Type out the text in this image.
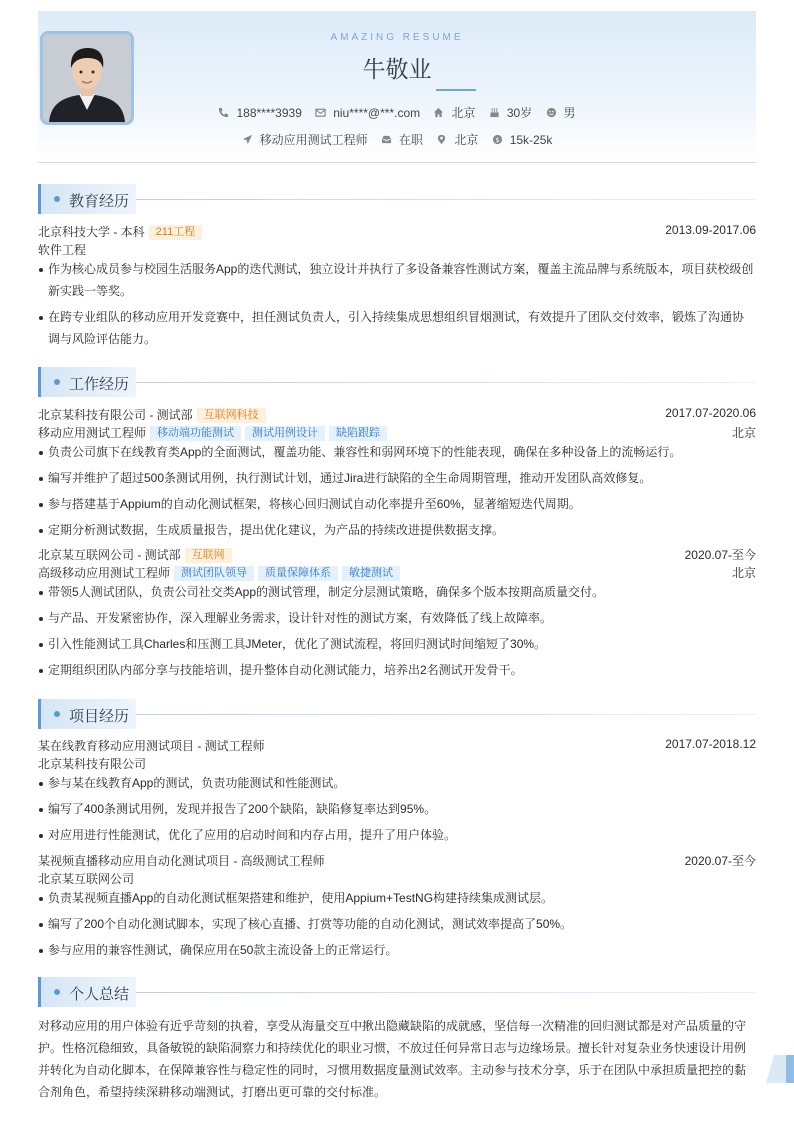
AMAZING RESUME
牛敬业
188****3939
	niu****@***.com
	北京
	30岁
	男
移动应用测试工程师
	在职
	北京
$ 15k-25k
教育经历
北京科技大学 - 本科 211工程	2013.09-2017.06
软件工程
作为核心成员参与校园生活服务App的迭代测试，独立设计并执行了多设备兼容性测试方案，覆盖主流品牌与系统版本，项目获校级创
新实践一等奖。
在跨专业组队的移动应用开发竞赛中，担任测试负责人，引入持续集成思想组织冒烟测试，有效提升了团队交付效率，锻炼了沟通协
调与风险评估能力。
工作经历
北京某科技有限公司 - 测试部 互联网科技	2017.07-2020.06
移动应用测试工程师 移动端功能测试 测试用例设计 缺陷跟踪	北京
负责公司旗下在线教育类App的全面测试，覆盖功能、兼容性和弱网环境下的性能表现，确保在多种设备上的流畅运行。
编写并维护了超过500条测试用例，执行测试计划，通过Jira进行缺陷的全生命周期管理，推动开发团队高效修复。
参与搭建基于Appium的自动化测试框架，将核心回归测试自动化率提升至60%，显著缩短迭代周期。
定期分析测试数据，生成质量报告，提出优化建议，为产品的持续改进提供数据支撑。
北京某互联网公司 - 测试部 互联网	2020.07-至今
高级移动应用测试工程师 测试团队领导 质量保障体系 敏捷测试	北京
带领5人测试团队，负责公司社交类App的测试管理，制定分层测试策略，确保多个版本按期高质量交付。
与产品、开发紧密协作，深入理解业务需求，设计针对性的测试方案，有效降低了线上故障率。
引入性能测试工具Charles和压测工具JMeter，优化了测试流程，将回归测试时间缩短了30%。
定期组织团队内部分享与技能培训，提升整体自动化测试能力，培养出2名测试开发骨干。
项目经历
某在线教育移动应用测试项目 - 测试工程师	2017.07-2018.12
北京某科技有限公司
参与某在线教育App的测试，负责功能测试和性能测试。
编写了400条测试用例，发现并报告了200个缺陷，缺陷修复率达到95%。
对应用进行性能测试，优化了应用的启动时间和内存占用，提升了用户体验。
某视频直播移动应用自动化测试项目 - 高级测试工程师	2020.07-至今
北京某互联网公司
负责某视频直播App的自动化测试框架搭建和维护，使用Appium+TestNG构建持续集成测试层。
编写了200个自动化测试脚本，实现了核心直播、打赏等功能的自动化测试，测试效率提高了50%。
参与应用的兼容性测试，确保应用在50款主流设备上的正常运行。
个人总结
对移动应用的用户体验有近乎苛刻的执着，享受从海量交互中揪出隐藏缺陷的成就感，坚信每一次精准的回归测试都是对产品质量的守
护。性格沉稳细致，具备敏锐的缺陷洞察力和持续优化的职业习惯，不放过任何异常日志与边缘场景。擅长针对复杂业务快速设计用例
并转化为自动化脚本，在保障兼容性与稳定性的同时，习惯用数据度量测试效率。主动参与技术分享，乐于在团队中承担质量把控的黏
合剂角色，希望持续深耕移动端测试，打磨出更可靠的交付标准。
